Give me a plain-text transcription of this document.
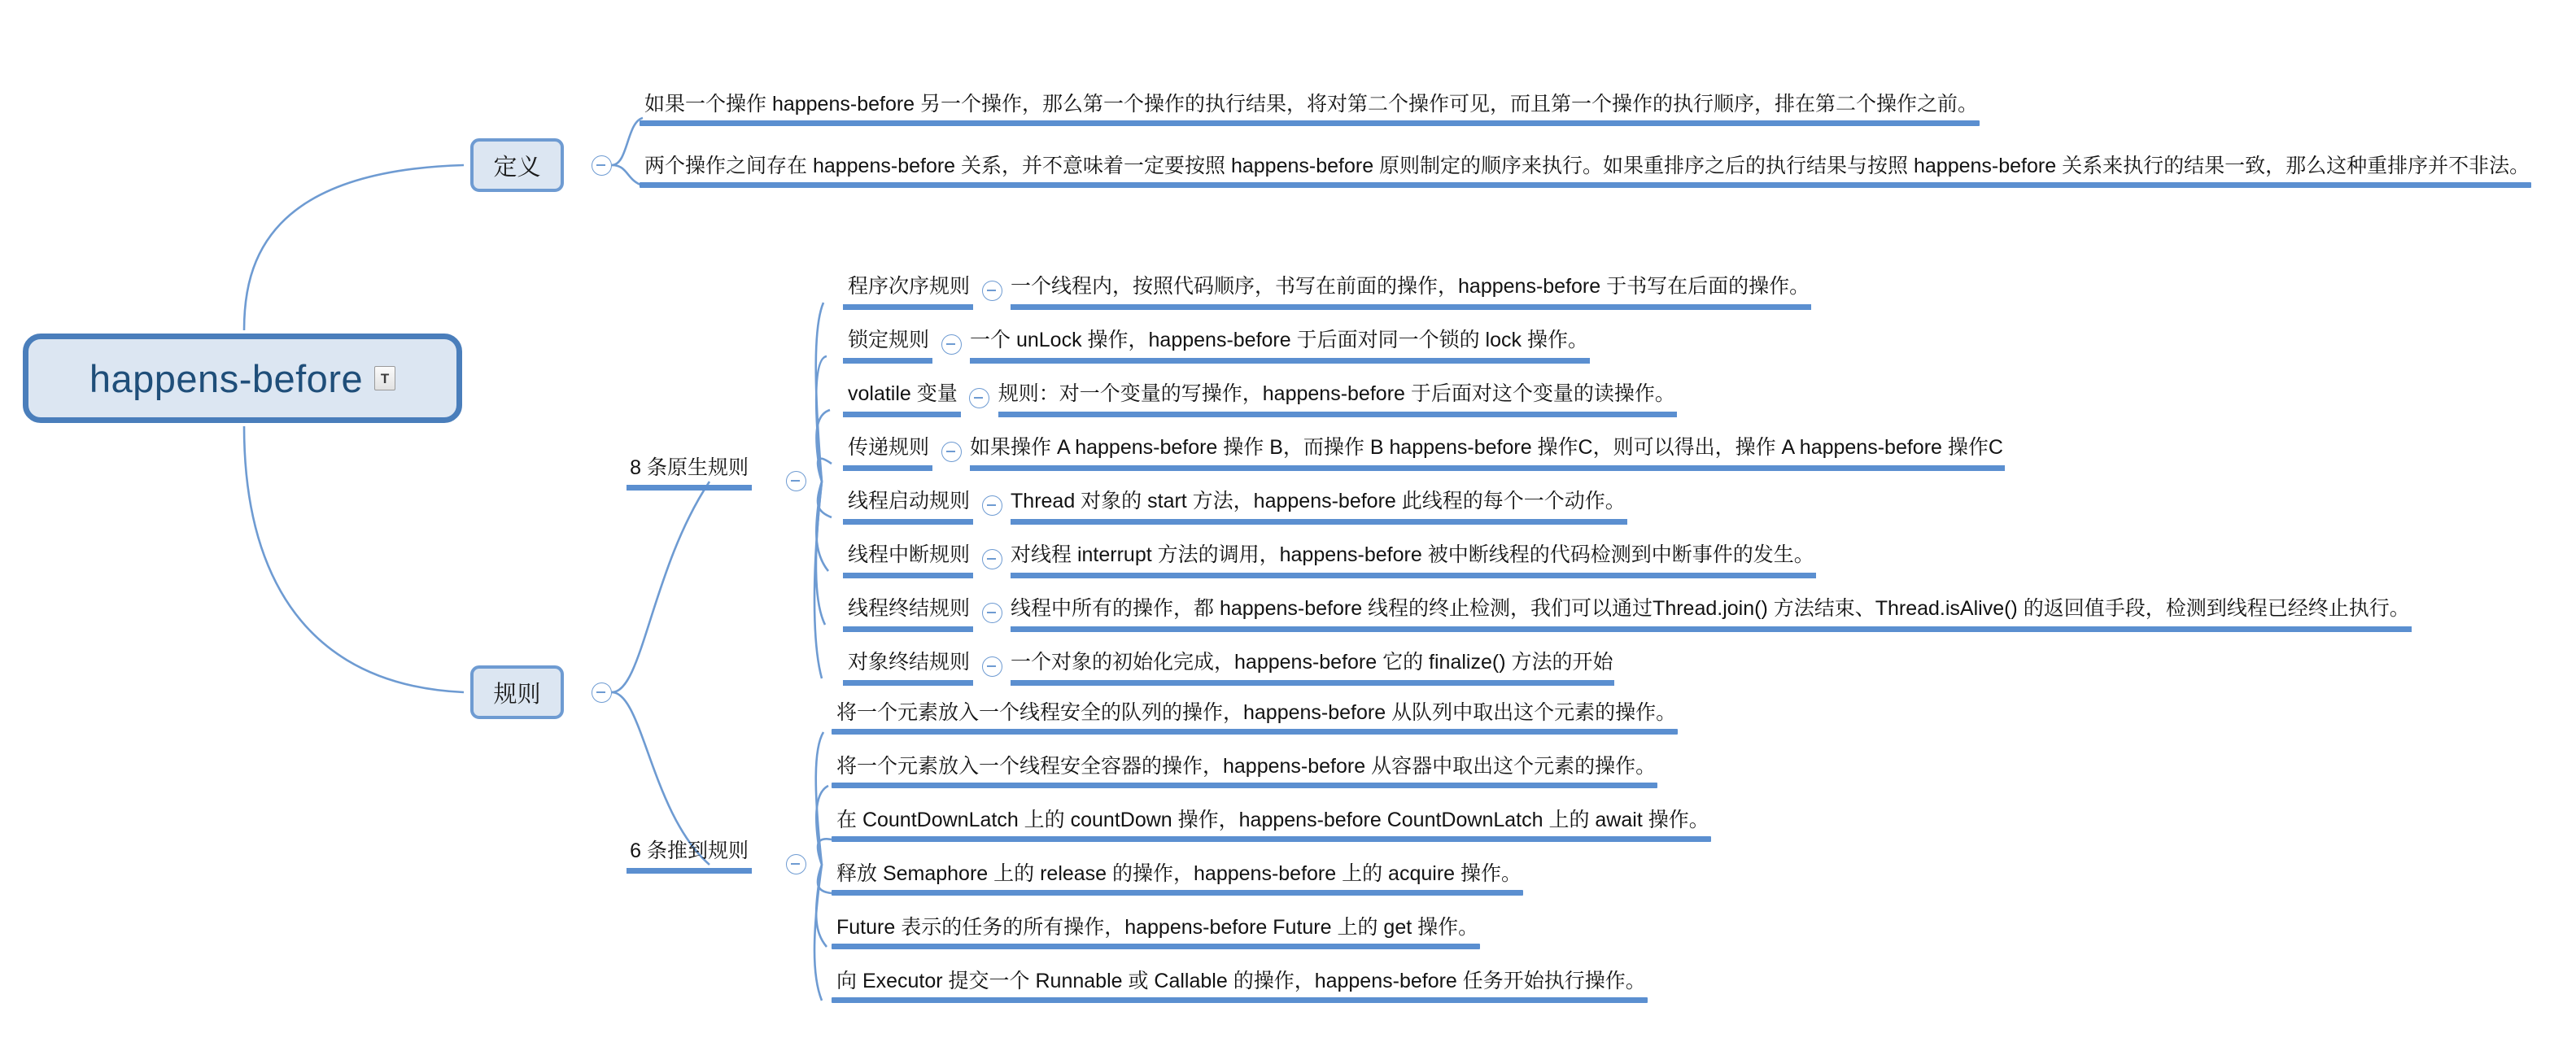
happens-before	T
定义
如果一个操作 happens-before 另一个操作，那么第一个操作的执行结果，将对第二个操作可见，而且第一个操作的执行顺序，排在第二个操作之前。
两个操作之间存在 happens-before 关系，并不意味着一定要按照 happens-before 原则制定的顺序来执行。如果重排序之后的执行结果与按照 happens-before 关系来执行的结果一致，那么这种重排序并不非法。
规则
8 条原生规则
6 条推到规则
程序次序规则 一个线程内，按照代码顺序，书写在前面的操作，happens-before 于书写在后面的操作。
锁定规则 一个 unLock 操作，happens-before 于后面对同一个锁的 lock 操作。
volatile 变量 规则：对一个变量的写操作，happens-before 于后面对这个变量的读操作。
传递规则 如果操作 A happens-before 操作 B，而操作 B happens-before 操作C，则可以得出，操作 A happens-before 操作C
线程启动规则 Thread 对象的 start 方法，happens-before 此线程的每个一个动作。
线程中断规则 对线程 interrupt 方法的调用，happens-before 被中断线程的代码检测到中断事件的发生。
线程终结规则 线程中所有的操作，都 happens-before 线程的终止检测，我们可以通过Thread.join() 方法结束、Thread.isAlive() 的返回值手段，检测到线程已经终止执行。
对象终结规则 一个对象的初始化完成，happens-before 它的 finalize() 方法的开始
将一个元素放入一个线程安全的队列的操作，happens-before 从队列中取出这个元素的操作。
将一个元素放入一个线程安全容器的操作，happens-before 从容器中取出这个元素的操作。
在 CountDownLatch 上的 countDown 操作，happens-before CountDownLatch 上的 await 操作。
释放 Semaphore 上的 release 的操作，happens-before 上的 acquire 操作。
Future 表示的任务的所有操作，happens-before Future 上的 get 操作。
向 Executor 提交一个 Runnable 或 Callable 的操作，happens-before 任务开始执行操作。
